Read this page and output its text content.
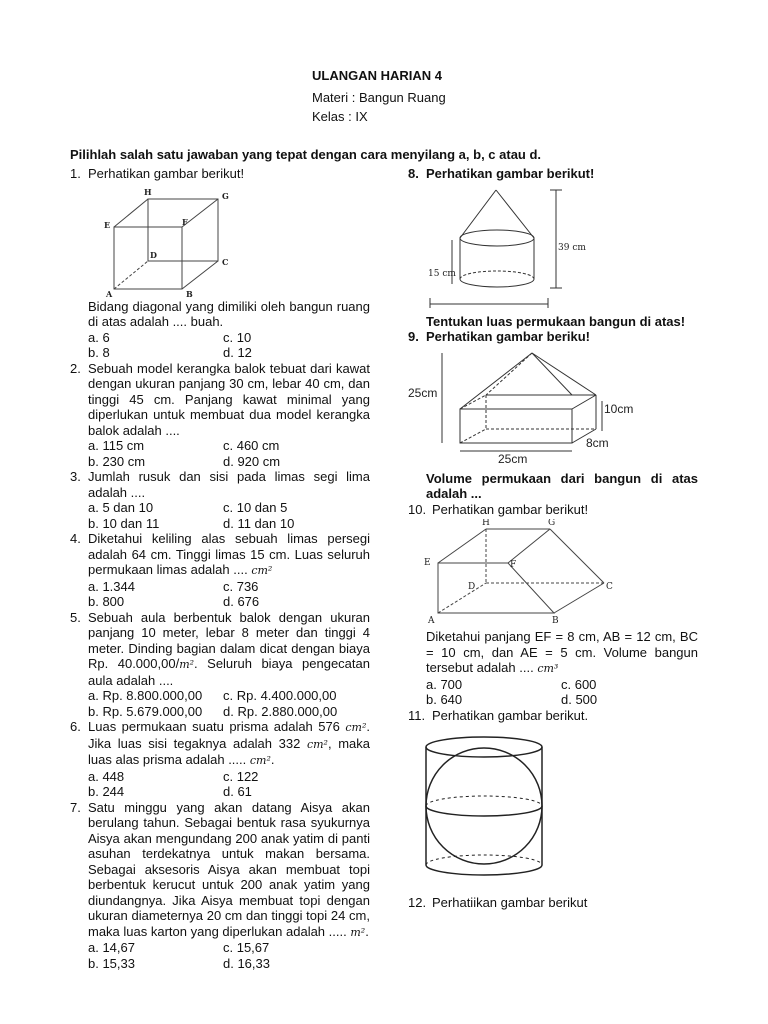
ULANGAN HARIAN 4
Materi : Bangun Ruang
Kelas : IX
Pilihlah salah satu jawaban yang tepat dengan cara menyilang a, b, c atau d.
1. Perhatikan gambar berikut!
H	G
E	F
D
C
A	B
Bidang diagonal yang dimiliki oleh bangun ruang di atas adalah .... buah.
a. 6	c. 10
b. 8	d. 12
2. Sebuah model kerangka balok tebuat dari kawat dengan ukuran panjang 30 cm, lebar 40 cm, dan tinggi 45 cm. Panjang kawat minimal yang diperlukan untuk membuat dua model kerangka balok adalah ....
a. 115 cm	c. 460 cm
b. 230 cm	d. 920 cm
3. Jumlah rusuk dan sisi pada limas segi lima adalah ....
a. 5 dan 10	c. 10 dan 5
b. 10 dan 11	d. 11 dan 10
4. Diketahui keliling alas sebuah limas persegi adalah 64 cm. Tinggi limas 15 cm. Luas seluruh permukaan limas adalah .... cm²
a. 1.344	c. 736
b. 800	d. 676
5. Sebuah aula berbentuk balok dengan ukuran panjang 10 meter, lebar 8 meter dan tinggi 4 meter. Dinding bagian dalam dicat dengan biaya Rp. 40.000,00/m². Seluruh biaya pengecatan aula adalah ....
a. Rp. 8.800.000,00	c. Rp. 4.400.000,00
b. Rp. 5.679.000,00	d. Rp. 2.880.000,00
6. Luas permukaan suatu prisma adalah 576 cm². Jika luas sisi tegaknya adalah 332 cm², maka luas alas prisma adalah ..... cm².
a. 448	c. 122
b. 244	d. 61
7. Satu minggu yang akan datang Aisya akan berulang tahun. Sebagai bentuk rasa syukurnya Aisya akan mengundang 200 anak yatim di panti asuhan terdekatnya untuk makan bersama. Sebagai aksesoris Aisya akan membuat topi berbentuk kerucut untuk 200 anak yatim yang diundangnya. Jika Aisya membuat topi dengan ukuran diameternya 20 cm dan tinggi topi 24 cm, maka luas karton yang diperlukan adalah ..... m².
a. 14,67	c. 15,67
b. 15,33	d. 16,33
8. Perhatikan gambar berikut!
39 cm
15 cm
Tentukan luas permukaan bangun di atas!
9. Perhatikan gambar beriku!
25cm
10cm
25cm
8cm
Volume permukaan dari bangun di atas adalah ...
10. Perhatikan gambar berikut!
H	G
E	F
D	C
A	B
Diketahui panjang EF = 8 cm, AB = 12 cm, BC = 10 cm, dan AE = 5 cm. Volume bangun tersebut adalah .... cm³
a. 700	c. 600
b. 640	d. 500
11. Perhatikan gambar berikut.
12. Perhatiikan gambar berikut
